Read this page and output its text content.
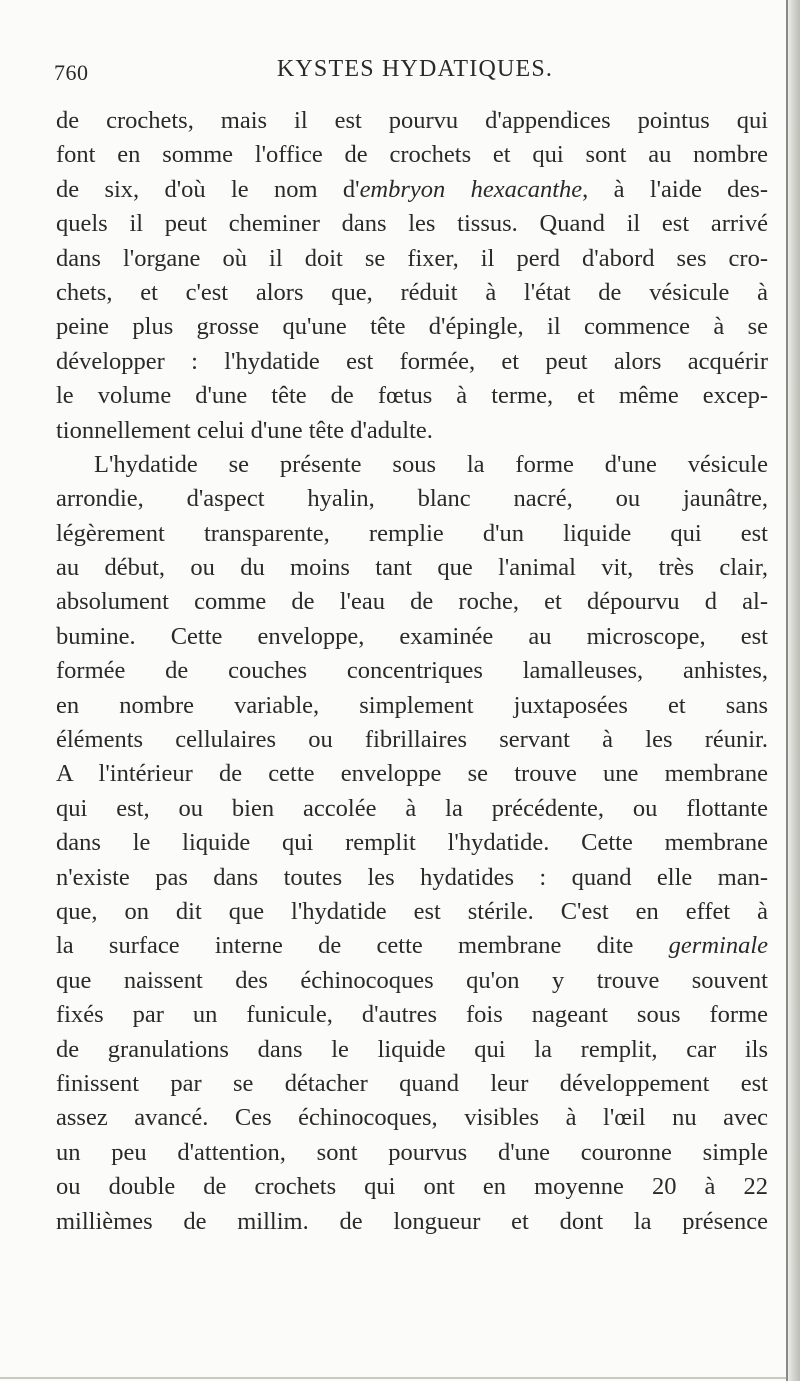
760	KYSTES HYDATIQUES.
de crochets, mais il est pourvu d'appendices pointus qui
font en somme l'office de crochets et qui sont au nombre
de six, d'où le nom d'embryon hexacanthe, à l'aide des-
quels il peut cheminer dans les tissus. Quand il est arrivé
dans l'organe où il doit se fixer, il perd d'abord ses cro-
chets, et c'est alors que, réduit à l'état de vésicule à
peine plus grosse qu'une tête d'épingle, il commence à se
développer : l'hydatide est formée, et peut alors acquérir
le volume d'une tête de fœtus à terme, et même excep-
tionnellement celui d'une tête d'adulte.
L'hydatide se présente sous la forme d'une vésicule
arrondie, d'aspect hyalin, blanc nacré, ou jaunâtre,
légèrement transparente, remplie d'un liquide qui est
au début, ou du moins tant que l'animal vit, très clair,
absolument comme de l'eau de roche, et dépourvu d al-
bumine. Cette enveloppe, examinée au microscope, est
formée de couches concentriques lamalleuses, anhistes,
en nombre variable, simplement juxtaposées et sans
éléments cellulaires ou fibrillaires servant à les réunir.
A l'intérieur de cette enveloppe se trouve une membrane
qui est, ou bien accolée à la précédente, ou flottante
dans le liquide qui remplit l'hydatide. Cette membrane
n'existe pas dans toutes les hydatides : quand elle man-
que, on dit que l'hydatide est stérile. C'est en effet à
la surface interne de cette membrane dite germinale
que naissent des échinocoques qu'on y trouve souvent
fixés par un funicule, d'autres fois nageant sous forme
de granulations dans le liquide qui la remplit, car ils
finissent par se détacher quand leur développement est
assez avancé. Ces échinocoques, visibles à l'œil nu avec
un peu d'attention, sont pourvus d'une couronne simple
ou double de crochets qui ont en moyenne 20 à 22
millièmes de millim. de longueur et dont la présence
